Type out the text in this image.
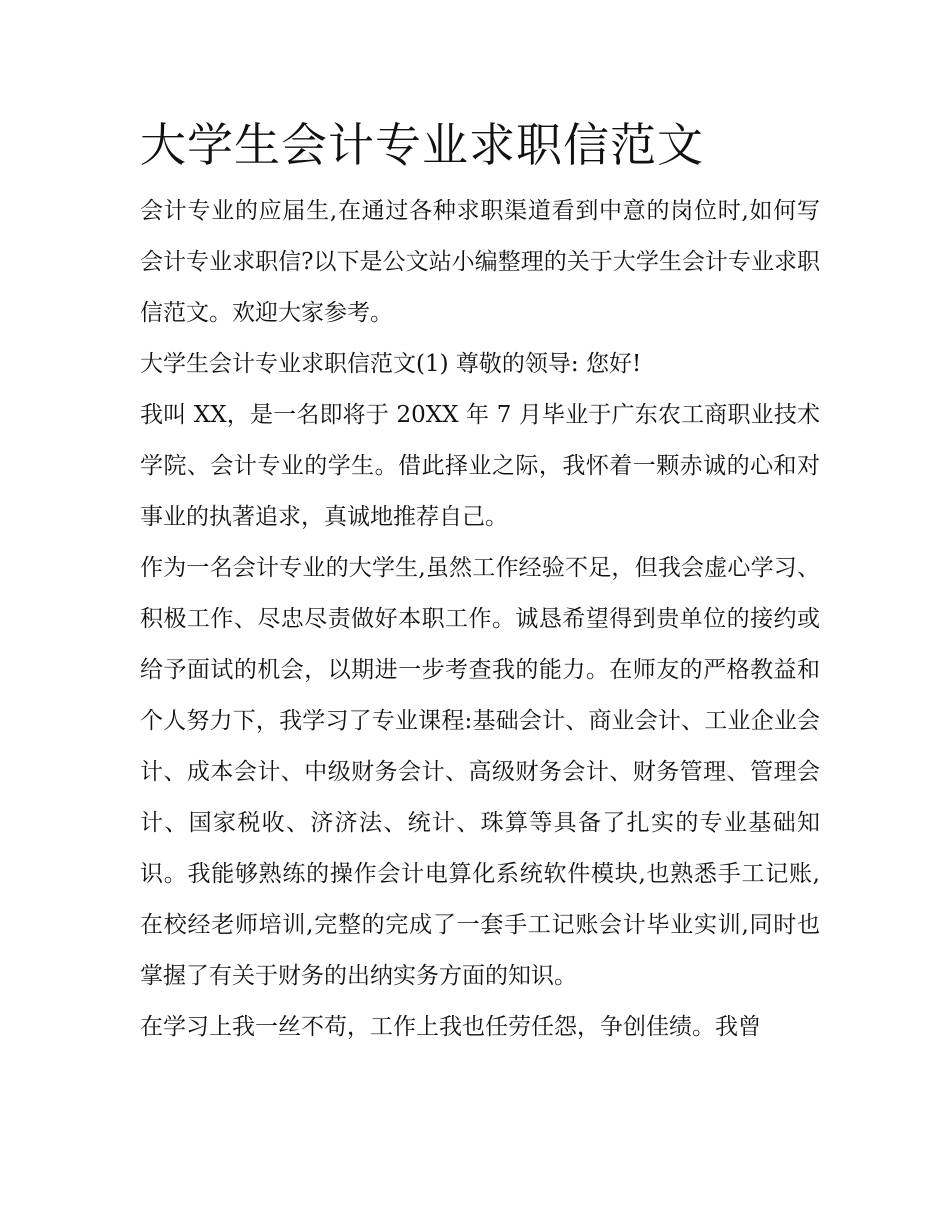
大学生会计专业求职信范文

会计专业的应届生,在通过各种求职渠道看到中意的岗位时,如何写会计专业求职信?以下是公文站小编整理的关于大学生会计专业求职信范文。欢迎大家参考。

大学生会计专业求职信范文(1) 尊敬的领导: 您好!

我叫 XX，是一名即将于 20XX 年 7 月毕业于广东农工商职业技术学院、会计专业的学生。借此择业之际，我怀着一颗赤诚的心和对事业的执著追求，真诚地推荐自己。

作为一名会计专业的大学生,虽然工作经验不足，但我会虚心学习、积极工作、尽忠尽责做好本职工作。诚恳希望得到贵单位的接约或给予面试的机会，以期进一步考查我的能力。在师友的严格教益和个人努力下，我学习了专业课程:基础会计、商业会计、工业企业会计、成本会计、中级财务会计、高级财务会计、财务管理、管理会计、国家税收、济济法、统计、珠算等具备了扎实的专业基础知识。我能够熟练的操作会计电算化系统软件模块,也熟悉手工记账,在校经老师培训,完整的完成了一套手工记账会计毕业实训,同时也掌握了有关于财务的出纳实务方面的知识。

在学习上我一丝不苟，工作上我也任劳任怨，争创佳绩。我曾
